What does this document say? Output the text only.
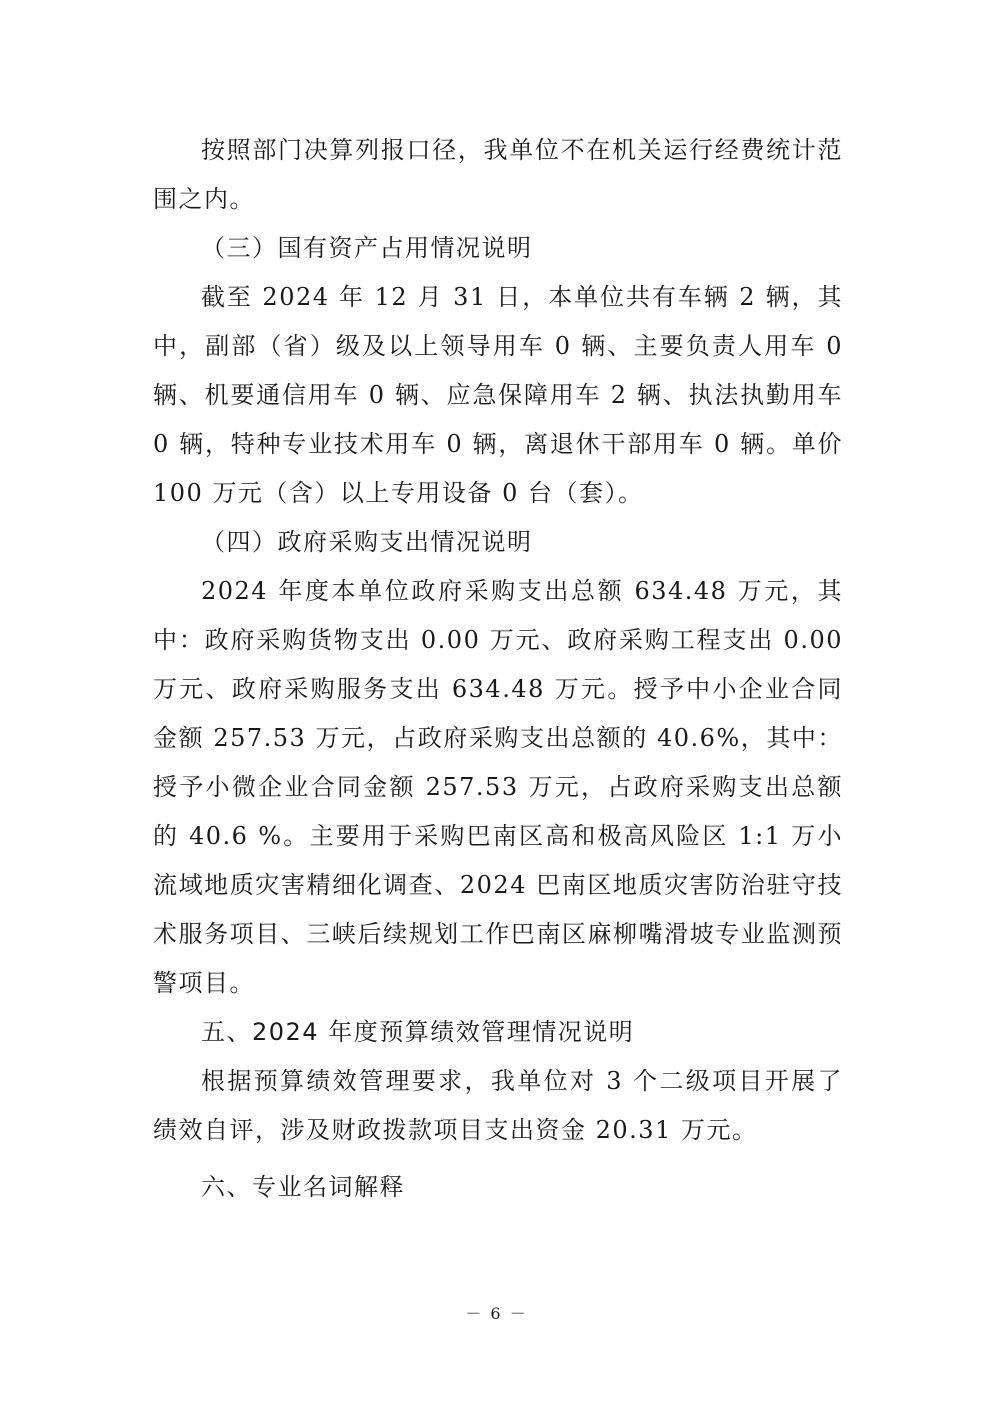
按照部门决算列报口径，我单位不在机关运行经费统计范围之内。

（三）国有资产占用情况说明

截至 2024 年 12 月 31 日，本单位共有车辆 2 辆，其中，副部（省）级及以上领导用车 0 辆、主要负责人用车 0 辆、机要通信用车 0 辆、应急保障用车 2 辆、执法执勤用车 0 辆，特种专业技术用车 0 辆，离退休干部用车 0 辆。单价 100 万元（含）以上专用设备 0 台（套）。

（四）政府采购支出情况说明

2024 年度本单位政府采购支出总额 634.48 万元，其中：政府采购货物支出 0.00 万元、政府采购工程支出 0.00 万元、政府采购服务支出 634.48 万元。授予中小企业合同金额 257.53 万元，占政府采购支出总额的 40.6%，其中：授予小微企业合同金额 257.53 万元，占政府采购支出总额的 40.6 %。主要用于采购巴南区高和极高风险区 1:1 万小流域地质灾害精细化调查、2024 巴南区地质灾害防治驻守技术服务项目、三峡后续规划工作巴南区麻柳嘴滑坡专业监测预警项目。

五、2024 年度预算绩效管理情况说明

根据预算绩效管理要求，我单位对 3 个二级项目开展了绩效自评，涉及财政拨款项目支出资金 20.31 万元。

六、专业名词解释

－ 6 －
